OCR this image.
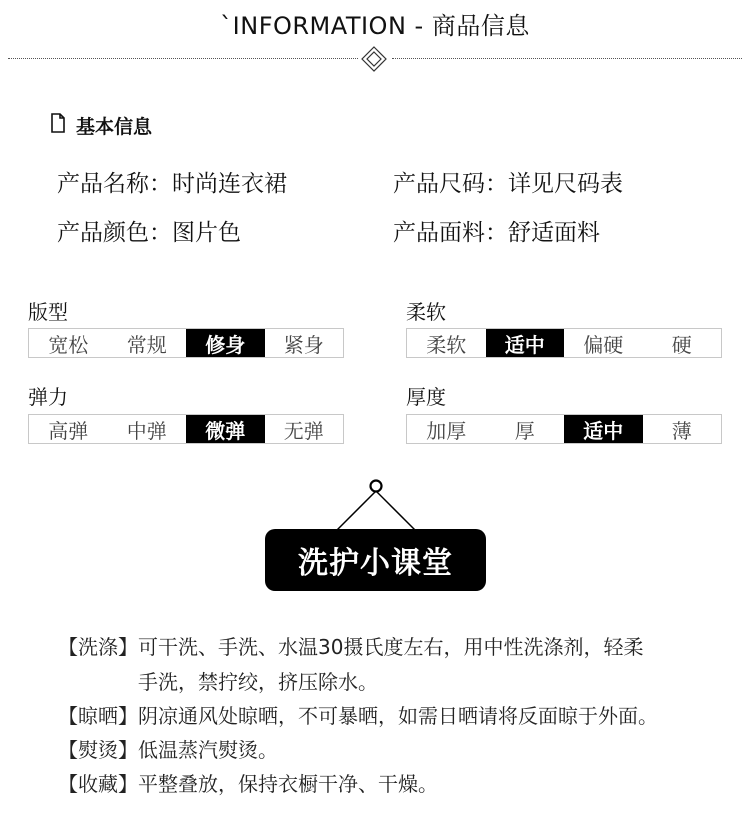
`INFORMATION - 商品信息
基本信息
产品名称：时尚连衣裙	产品尺码：详见尺码表
产品颜色：图片色	产品面料：舒适面料
版型
宽松	常规	修身	紧身
柔软
柔软	适中	偏硬	硬
弹力
高弹	中弹	微弹	无弹
厚度
加厚	厚	适中	薄
洗护小课堂
【洗涤】可干洗、手洗、水温30摄氏度左右，用中性洗涤剂，轻柔
手洗，禁拧绞，挤压除水。
【晾晒】阴凉通风处晾晒，不可暴晒，如需日晒请将反面晾于外面。
【熨烫】低温蒸汽熨烫。
【收藏】平整叠放，保持衣橱干净、干燥。
